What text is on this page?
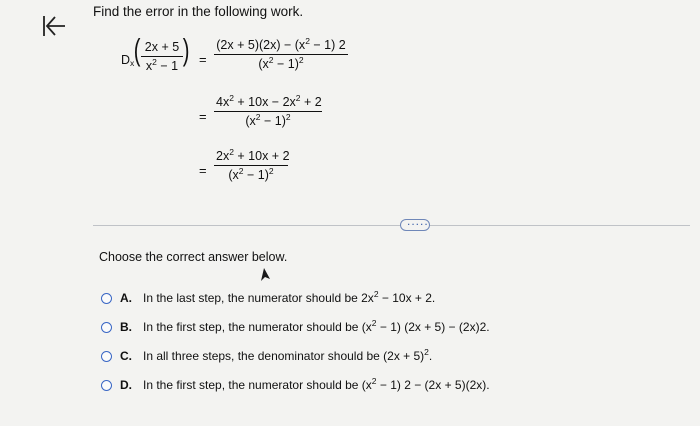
Find the error in the following work.
$D_x$ ( 2x + 5
$x^2 - 1$ ) =
$(2x + 5)(2x) - (x^2 - 1)$ 2
$(x^2 - 1)^2$
=
$4x^2 + 10x - 2x^2 + 2$
$(x^2 - 1)^2$
=
$2x^2 + 10x + 2$
$(x^2 - 1)^2$
.....
Choose the correct answer below.
A. In the last step, the numerator should be $2x^2 - 10x + 2$.
B. In the first step, the numerator should be $(x^2 - 1) (2x + 5) - (2x)2$.
C. In all three steps, the denominator should be $(2x + 5)^2$.
D. In the first step, the numerator should be $(x^2 - 1) 2 - (2x + 5)(2x)$.
